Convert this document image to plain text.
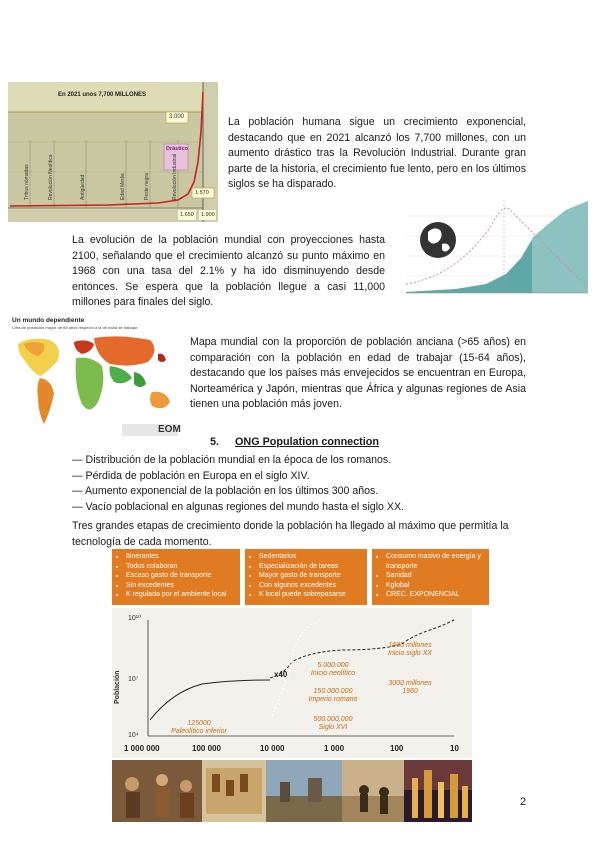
En 2021 unos 7,700 MILLONES
3.000
Drástico
1.570
1.650 1.900
Tribus nómadas	Revolución Neolítica	Antigüedad	Edad Media	Peste negra	Revolución Industrial
La población humana sigue un crecimiento exponencial, destacando que en 2021 alcanzó los 7,700 millones, con un aumento drástico tras la Revolución Industrial. Durante gran parte de la historia, el crecimiento fue lento, pero en los últimos siglos se ha disparado.
La evolución de la población mundial con proyecciones hasta 2100, señalando que el crecimiento alcanzó su punto máximo en 1968 con una tasa del 2.1% y ha ido disminuyendo desde entonces. Se espera que la población llegue a casi 11,000 millones para finales del siglo.
Un mundo dependiente
Cifra de población mayor de 65 años respecto a la de edad de trabajar
EOM
Mapa mundial con la proporción de población anciana (>65 años) en comparación con la población en edad de trabajar (15-64 años), destacando que los países más envejecidos se encuentran en Europa, Norteamérica y Japón, mientras que África y algunas regiones de Asia tienen una población más joven.
5. ONG Population connection
— Distribución de la población mundial en la época de los romanos.
— Pérdida de población en Europa en el siglo XIV.
— Aumento exponencial de la población en los últimos 300 años.
— Vacío poblacional en algunas regiones del mundo hasta el siglo XX.
Tres grandes etapas de crecimiento donde la población ha llegado al máximo que permitía la tecnología de cada momento.
• Itinerantes
• Todos colaboran
• Escaso gasto de transporte
• Sin excedentes
• K regulada por el ambiente local
• Sedentarios
• Especialización de tareas
• Mayor gasto de transporte
• Con algunos excedentes
• K local puede sobrepasarse
• Consumo masivo de energía y transporte
• Sanidad
• Kglobal
• CREC. EXPONENCIAL
Población
10¹⁰
10⁷
10⁴
1 000 000	100 000	10 000	1 000	100	10
x40
125000
Paleolítico inferior
5.000.000
Inicio neolítico
150.000.000
Imperio romano
500.000.000
Siglo XVI
1600 millones
Inicio siglo XX
3000 millones
1960
2
